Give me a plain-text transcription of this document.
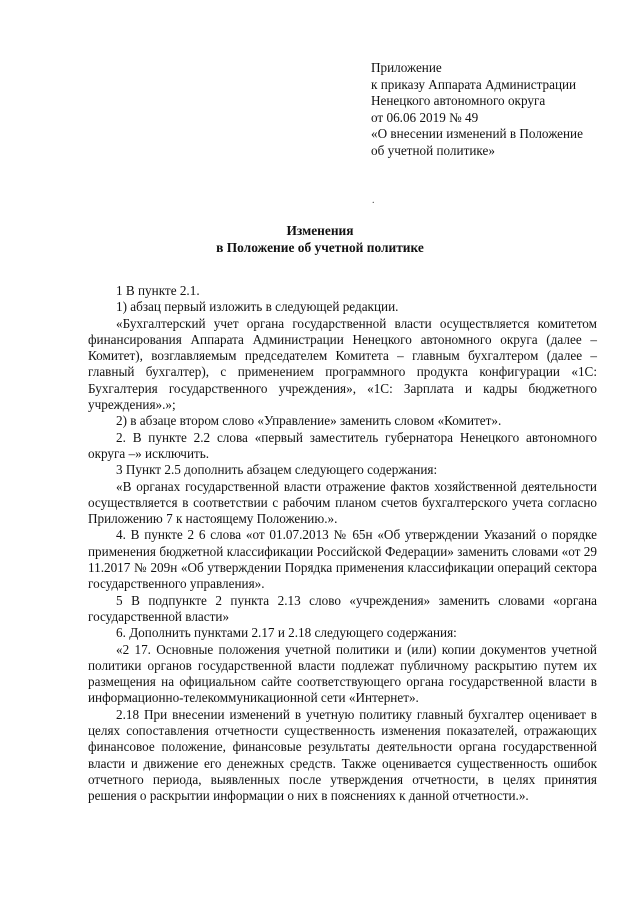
Приложение
к приказу Аппарата Администрации
Ненецкого автономного округа
от 06.06 2019 № 49
«О внесении изменений в Положение
об учетной политике»
.
Изменения
в Положение об учетной политике

1 В пункте 2.1.

1) абзац первый изложить в следующей редакции.

«Бухгалтерский учет органа государственной власти осуществляется комитетом финансирования Аппарата Администрации Ненецкого автономного округа (далее – Комитет), возглавляемым председателем Комитета – главным бухгалтером (далее – главный бухгалтер), с применением программного продукта конфигурации «1С: Бухгалтерия государственного учреждения», «1С: Зарплата и кадры бюджетного учреждения».»;

2) в абзаце втором слово «Управление» заменить словом «Комитет».

2. В пункте 2.2 слова «первый заместитель губернатора Ненецкого автономного округа –» исключить.

3 Пункт 2.5 дополнить абзацем следующего содержания:

«В органах государственной власти отражение фактов хозяйственной деятельности осуществляется в соответствии с рабочим планом счетов бухгалтерского учета согласно Приложению 7 к настоящему Положению.».

4. В пункте 2 6 слова «от 01.07.2013 № 65н «Об утверждении Указаний о порядке применения бюджетной классификации Российской Федерации» заменить словами «от 29 11.2017 № 209н «Об утверждении Порядка применения классификации операций сектора государственного управления».

5 В подпункте 2 пункта 2.13 слово «учреждения» заменить словами «органа государственной власти»

6. Дополнить пунктами 2.17 и 2.18 следующего содержания:

«2 17. Основные положения учетной политики и (или) копии документов учетной политики органов государственной власти подлежат публичному раскрытию путем их размещения на официальном сайте соответствующего органа государственной власти в информационно-телекоммуникационной сети «Интернет».

2.18 При внесении изменений в учетную политику главный бухгалтер оценивает в целях сопоставления отчетности существенность изменения показателей, отражающих финансовое положение, финансовые результаты деятельности органа государственной власти и движение его денежных средств. Также оценивается существенность ошибок отчетного периода, выявленных после утверждения отчетности, в целях принятия решения о раскрытии информации о них в пояснениях к данной отчетности.».
